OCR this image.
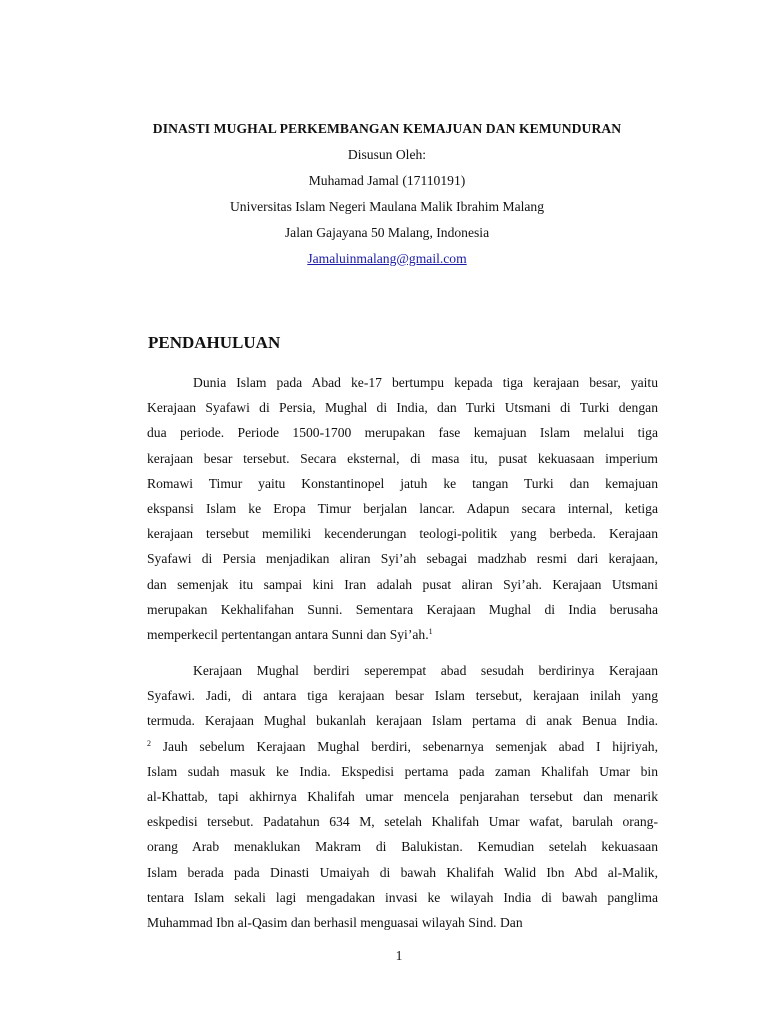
DINASTI MUGHAL PERKEMBANGAN KEMAJUAN DAN KEMUNDURAN
Disusun Oleh:
Muhamad Jamal (17110191)
Universitas Islam Negeri Maulana Malik Ibrahim Malang
Jalan Gajayana 50 Malang, Indonesia
Jamaluinmalang@gmail.com
PENDAHULUAN
Dunia Islam pada Abad ke-17 bertumpu kepada tiga kerajaan besar, yaitu
Kerajaan Syafawi di Persia, Mughal di India, dan Turki Utsmani di Turki dengan
dua periode. Periode 1500-1700 merupakan fase kemajuan Islam melalui tiga
kerajaan besar tersebut. Secara eksternal, di masa itu, pusat kekuasaan imperium
Romawi Timur yaitu Konstantinopel jatuh ke tangan Turki dan kemajuan
ekspansi Islam ke Eropa Timur berjalan lancar. Adapun secara internal, ketiga
kerajaan tersebut memiliki kecenderungan teologi-politik yang berbeda. Kerajaan
Syafawi di Persia menjadikan aliran Syi’ah sebagai madzhab resmi dari kerajaan,
dan semenjak itu sampai kini Iran adalah pusat aliran Syi’ah. Kerajaan Utsmani
merupakan Kekhalifahan Sunni. Sementara Kerajaan Mughal di India berusaha
memperkecil pertentangan antara Sunni dan Syi’ah.$^1$
Kerajaan Mughal berdiri seperempat abad sesudah berdirinya Kerajaan
Syafawi. Jadi, di antara tiga kerajaan besar Islam tersebut, kerajaan inilah yang
termuda. Kerajaan Mughal bukanlah kerajaan Islam pertama di anak Benua India.
$^2$ Jauh sebelum Kerajaan Mughal berdiri, sebenarnya semenjak abad I hijriyah,
Islam sudah masuk ke India. Ekspedisi pertama pada zaman Khalifah Umar bin
al-Khattab, tapi akhirnya Khalifah umar mencela penjarahan tersebut dan menarik
eskpedisi tersebut. Padatahun 634 M, setelah Khalifah Umar wafat, barulah orang-
orang Arab menaklukan Makram di Balukistan. Kemudian setelah kekuasaan
Islam berada pada Dinasti Umaiyah di bawah Khalifah Walid Ibn Abd al-Malik,
tentara Islam sekali lagi mengadakan invasi ke wilayah India di bawah panglima
Muhammad Ibn al-Qasim dan berhasil menguasai wilayah Sind. Dan
1
